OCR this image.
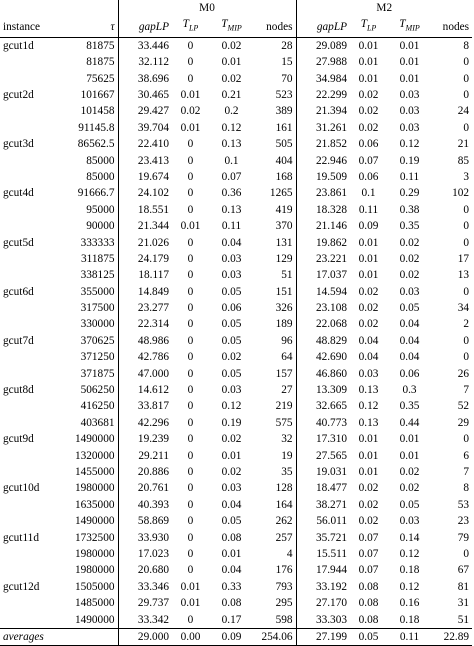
		M0				M2			
instance	τ	gapLP	$T_{LP}$	$T_{MIP}$	nodes	gapLP	$T_{LP}$	$T_{MIP}$	nodes
gcut1d	81875	33.446	0	0.02	28	29.089	0.01	0.01	8
	81875	32.112	0	0.01	15	27.988	0.01	0.01	0
	75625	38.696	0	0.02	70	34.984	0.01	0.01	0
gcut2d	101667	30.465	0.01	0.21	523	22.299	0.02	0.03	0
	101458	29.427	0.02	0.2	389	21.394	0.02	0.03	24
	91145.8	39.704	0.01	0.12	161	31.261	0.02	0.03	0
gcut3d	86562.5	22.410	0	0.13	505	21.852	0.06	0.12	21
	85000	23.413	0	0.1	404	22.946	0.07	0.19	85
	85000	19.674	0	0.07	168	19.509	0.06	0.11	3
gcut4d	91666.7	24.102	0	0.36	1265	23.861	0.1	0.29	102
	95000	18.551	0	0.13	419	18.328	0.11	0.38	0
	90000	21.344	0.01	0.11	370	21.146	0.09	0.35	0
gcut5d	333333	21.026	0	0.04	131	19.862	0.01	0.02	0
	311875	24.179	0	0.03	129	23.221	0.01	0.02	17
	338125	18.117	0	0.03	51	17.037	0.01	0.02	13
gcut6d	355000	14.849	0	0.05	151	14.594	0.02	0.03	0
	317500	23.277	0	0.06	326	23.108	0.02	0.05	34
	330000	22.314	0	0.05	189	22.068	0.02	0.04	2
gcut7d	370625	48.986	0	0.05	96	48.829	0.04	0.04	0
	371250	42.786	0	0.02	64	42.690	0.04	0.04	0
	371875	47.000	0	0.05	157	46.860	0.03	0.06	26
gcut8d	506250	14.612	0	0.03	27	13.309	0.13	0.3	7
	416250	33.817	0	0.12	219	32.665	0.12	0.35	52
	403681	42.296	0	0.19	575	40.773	0.13	0.44	29
gcut9d	1490000	19.239	0	0.02	32	17.310	0.01	0.01	0
	1320000	29.211	0	0.01	19	27.565	0.01	0.01	6
	1455000	20.886	0	0.02	35	19.031	0.01	0.02	7
gcut10d	1980000	20.761	0	0.03	128	18.477	0.02	0.02	8
	1635000	40.393	0	0.04	164	38.271	0.02	0.05	53
	1490000	58.869	0	0.05	262	56.011	0.02	0.03	23
gcut11d	1732500	33.930	0	0.08	257	35.721	0.07	0.14	79
	1980000	17.023	0	0.01	4	15.511	0.07	0.12	0
	1980000	20.680	0	0.04	176	17.944	0.07	0.18	67
gcut12d	1505000	33.346	0.01	0.33	793	33.192	0.08	0.12	81
	1485000	29.737	0.01	0.08	295	27.170	0.08	0.16	31
	1490000	33.342	0	0.17	598	33.303	0.08	0.18	51
averages		29.000	0.00	0.09	254.06	27.199	0.05	0.11	22.89
